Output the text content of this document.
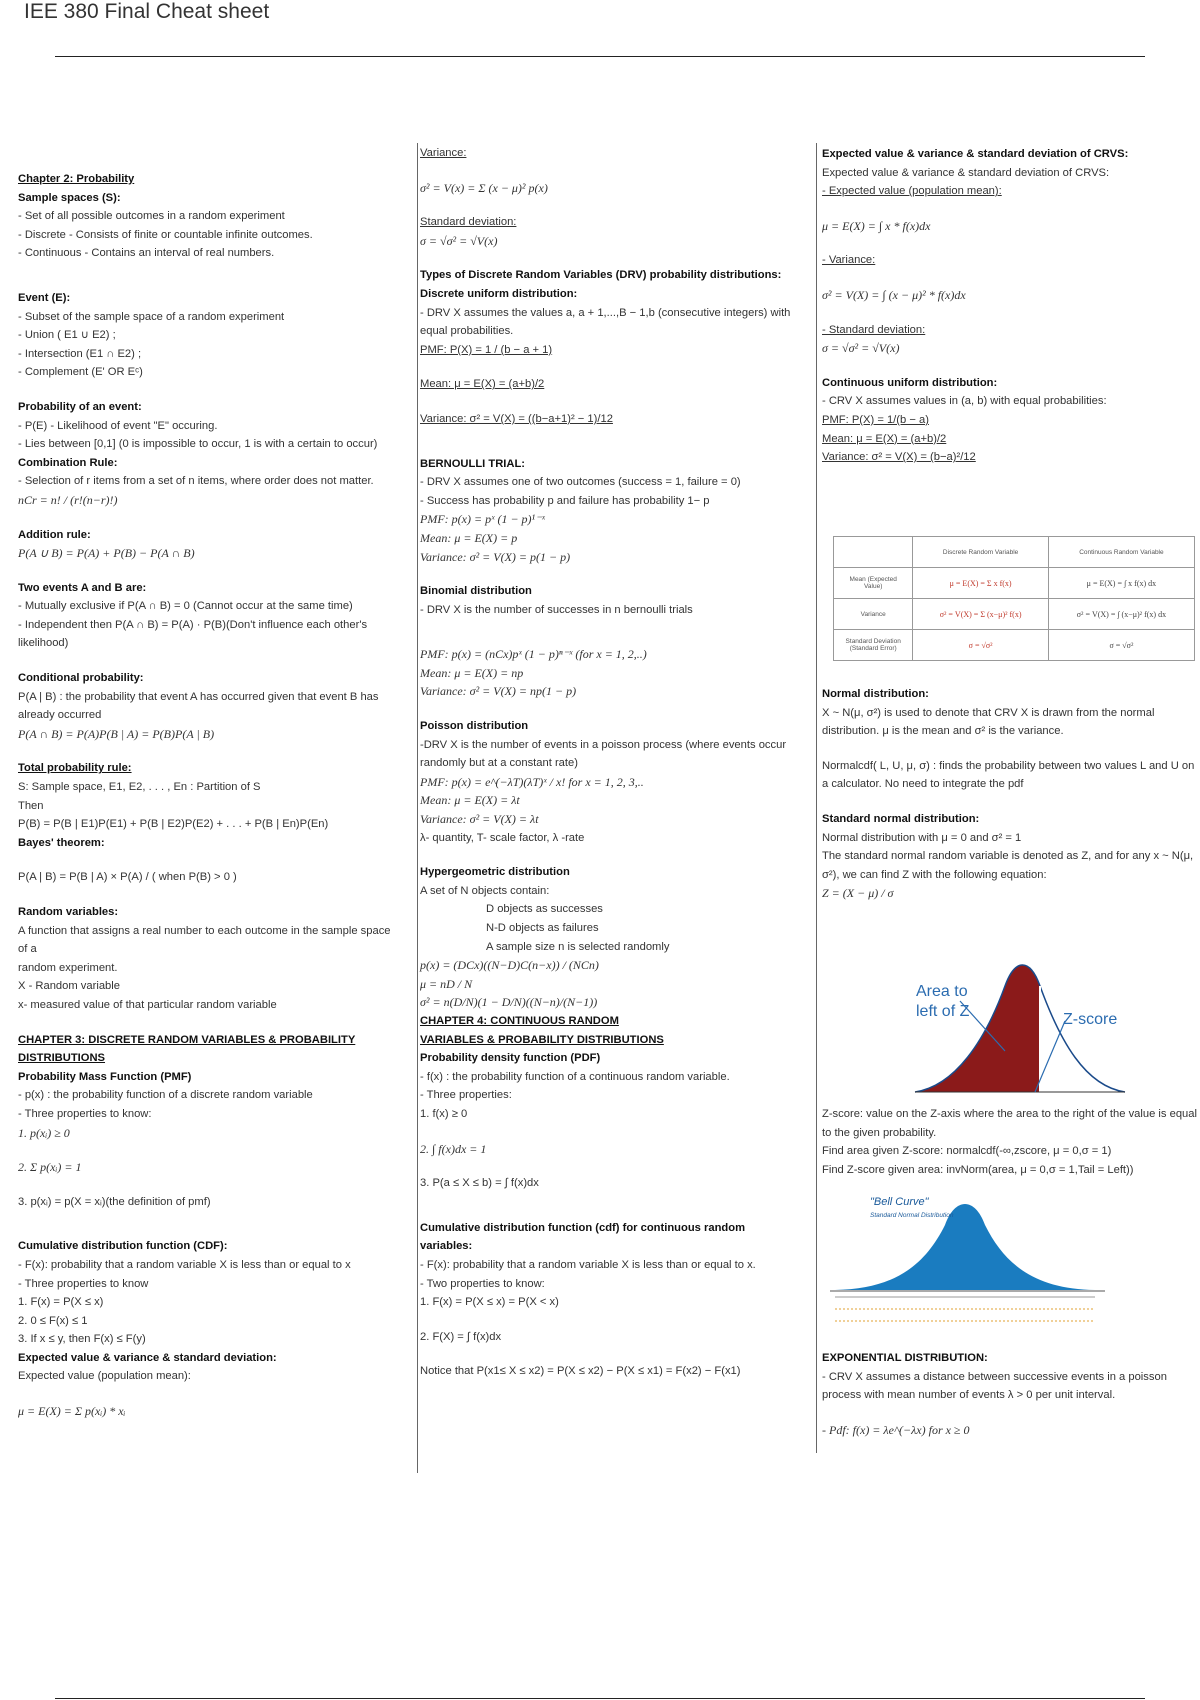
IEE 380 Final Cheat sheet
Chapter 2: Probability
Sample spaces (S):
- Set of all possible outcomes in a random experiment
- Discrete - Consists of finite or countable infinite outcomes.
- Continuous - Contains an interval of real numbers.
Event (E):
- Subset of the sample space of a random experiment
- Union ( E1 ∪ E2) ;
- Intersection (E1 ∩ E2) ;
- Complement (E' OR Eᶜ)
Probability of an event:
- P(E) - Likelihood of event "E" occuring.
- Lies between [0,1] (0 is impossible to occur, 1 is with a certain to occur)
Combination Rule:
- Selection of r items from a set of n items, where order does not matter.
nCr = n! / (r!(n−r)!)
Addition rule:
P(A ∪ B) = P(A) + P(B) − P(A ∩ B)
Two events A and B are:
- Mutually exclusive if P(A ∩ B) = 0 (Cannot occur at the same time)
- Independent then P(A ∩ B) = P(A) · P(B)(Don't influence each other's
likelihood)
Conditional probability:
P(A | B) : the probability that event A has occurred given that event B has
already occurred
P(A ∩ B) = P(A)P(B | A) = P(B)P(A | B)
Total probability rule:
S: Sample space, E1, E2, . . . , En : Partition of S
Then
P(B) = P(B | E1)P(E1) + P(B | E2)P(E2) + . . . + P(B | En)P(En)
Bayes' theorem:
P(A | B) = P(B | A) × P(A) / ( when P(B) > 0 )
Random variables:
A function that assigns a real number to each outcome in the sample space
of a
random experiment.
X - Random variable
x- measured value of that particular random variable
CHAPTER 3: DISCRETE RANDOM VARIABLES & PROBABILITY
DISTRIBUTIONS
Probability Mass Function (PMF)
- p(x) : the probability function of a discrete random variable
- Three properties to know:
1. p(xᵢ) ≥ 0
2. Σ p(xᵢ) = 1
3. p(xᵢ) = p(X = xᵢ)(the definition of pmf)
Cumulative distribution function (CDF):
- F(x): probability that a random variable X is less than or equal to x
- Three properties to know
1. F(x) = P(X ≤ x)
2. 0 ≤ F(x) ≤ 1
3. If x ≤ y, then F(x) ≤ F(y)
Expected value & variance & standard deviation:
Expected value (population mean):
μ = E(X) = Σ p(xᵢ) * xᵢ
Variance:
σ² = V(x) = Σ (x − μ)² p(x)
Standard deviation:
σ = √σ² = √V(x)
Types of Discrete Random Variables (DRV) probability distributions:
Discrete uniform distribution:
- DRV X assumes the values a, a + 1,...,B − 1,b (consecutive integers) with
equal probabilities.
PMF: P(X) = 1 / (b − a + 1)
Mean: μ = E(X) = (a+b)/2
Variance: σ² = V(X) = ((b−a+1)² − 1)/12
BERNOULLI TRIAL:
- DRV X assumes one of two outcomes (success = 1, failure = 0)
- Success has probability p and failure has probability 1− p
PMF: p(x) = pˣ (1 − p)¹⁻ˣ
Mean: μ = E(X) = p
Variance: σ² = V(X) = p(1 − p)
Binomial distribution
- DRV X is the number of successes in n bernoulli trials
PMF: p(x) = (nCx)pˣ (1 − p)ⁿ⁻ˣ (for x = 1, 2,..)
Mean: μ = E(X) = np
Variance: σ² = V(X) = np(1 − p)
Poisson distribution
-DRV X is the number of events in a poisson process (where events occur
randomly but at a constant rate)
PMF: p(x) = e^(−λT)(λT)ˣ / x! for x = 1, 2, 3,..
Mean: μ = E(X) = λt
Variance: σ² = V(X) = λt
λ- quantity, T- scale factor, λ -rate
Hypergeometric distribution
A set of N objects contain:
D objects as successes
N-D objects as failures
A sample size n is selected randomly
p(x) = (DCx)((N−D)C(n−x)) / (NCn)
μ = nD / N
σ² = n(D/N)(1 − D/N)((N−n)/(N−1))
CHAPTER 4: CONTINUOUS RANDOM
VARIABLES & PROBABILITY DISTRIBUTIONS
Probability density function (PDF)
- f(x) : the probability function of a continuous random variable.
- Three properties:
1. f(x) ≥ 0
2. ∫ f(x)dx = 1
3. P(a ≤ X ≤ b) = ∫ f(x)dx
Cumulative distribution function (cdf) for continuous random
variables:
- F(x): probability that a random variable X is less than or equal to x.
- Two properties to know:
1. F(x) = P(X ≤ x) = P(X < x)
2. F(X) = ∫ f(x)dx
Notice that P(x1≤ X ≤ x2) = P(X ≤ x2) − P(X ≤ x1) = F(x2) − F(x1)
Expected value & variance & standard deviation of CRVS:
Expected value & variance & standard deviation of CRVS:
- Expected value (population mean):
μ = E(X) = ∫ x * f(x)dx
- Variance:
σ² = V(X) = ∫ (x − μ)² * f(x)dx
- Standard deviation:
σ = √σ² = √V(x)
Continuous uniform distribution:
- CRV X assumes values in (a, b) with equal probabilities:
PMF: P(X) = 1/(b − a)
Mean: μ = E(X) = (a+b)/2
Variance: σ² = V(X) = (b−a)²/12
	Discrete Random Variable	Continuous Random Variable
Mean (Expected Value)	μ = E(X) = Σ x f(x)	μ = E(X) = ∫ x f(x) dx
Variance	σ² = V(X) = Σ (x−μ)² f(x)	σ² = V(X) = ∫ (x−μ)² f(x) dx
Standard Deviation (Standard Error)	σ = √σ²	σ = √σ²
Normal distribution:
X ~ N(μ, σ²) is used to denote that CRV X is drawn from the normal
distribution. μ is the mean and σ² is the variance.
Normalcdf( L, U, μ, σ) : finds the probability between two values L and U on
a calculator. No need to integrate the pdf
Standard normal distribution:
Normal distribution with μ = 0 and σ² = 1
The standard normal random variable is denoted as Z, and for any x ~ N(μ,
σ²), we can find Z with the following equation:
Z = (X − μ) / σ
Area to
left of Z	Z-score
Z-score: value on the Z-axis where the area to the right of the value is equal
to the given probability.
Find area given Z-score: normalcdf(-∞,zscore, μ = 0,σ = 1)
Find Z-score given area: invNorm(area, μ = 0,σ = 1,Tail = Left))
"Bell Curve"
Standard Normal Distribution
EXPONENTIAL DISTRIBUTION:
- CRV X assumes a distance between successive events in a poisson
process with mean number of events λ > 0 per unit interval.
- Pdf: f(x) = λe^(−λx) for x ≥ 0
